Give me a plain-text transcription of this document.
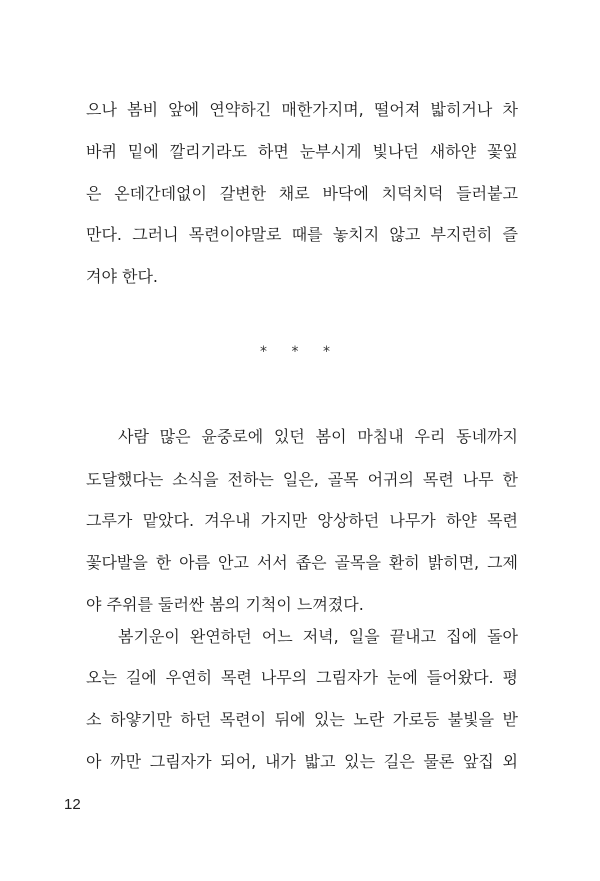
으나 봄비 앞에 연약하긴 매한가지며, 떨어져 밟히거나 차
바퀴 밑에 깔리기라도 하면 눈부시게 빛나던 새하얀 꽃잎
은 온데간데없이 갈변한 채로 바닥에 치덕치덕 들러붙고
만다. 그러니 목련이야말로 때를 놓치지 않고 부지런히 즐
겨야 한다.
* * *
사람 많은 윤중로에 있던 봄이 마침내 우리 동네까지
도달했다는 소식을 전하는 일은, 골목 어귀의 목련 나무 한
그루가 맡았다. 겨우내 가지만 앙상하던 나무가 하얀 목련
꽃다발을 한 아름 안고 서서 좁은 골목을 환히 밝히면, 그제
야 주위를 둘러싼 봄의 기척이 느껴졌다.
봄기운이 완연하던 어느 저녁, 일을 끝내고 집에 돌아
오는 길에 우연히 목련 나무의 그림자가 눈에 들어왔다. 평
소 하얗기만 하던 목련이 뒤에 있는 노란 가로등 불빛을 받
아 까만 그림자가 되어, 내가 밟고 있는 길은 물론 앞집 외
12
